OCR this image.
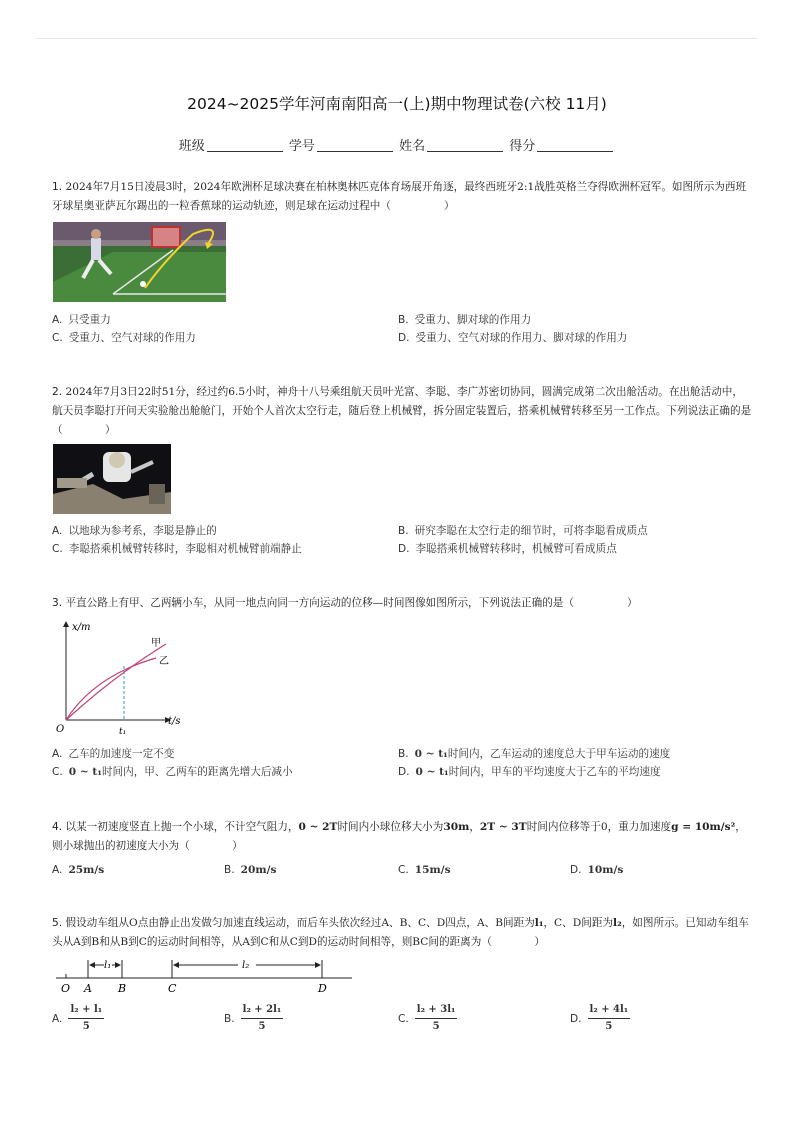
2024~2025学年河南南阳高一(上)期中物理试卷(六校 11月)
班级	学号	姓名	得分
1. 2024年7月15日凌晨3时，2024年欧洲杯足球决赛在柏林奥林匹克体育场展开角逐，最终西班牙2:1战胜英格兰夺得欧洲杯冠军。如图所示为西班牙球星奥亚萨瓦尔踢出的一粒香蕉球的运动轨迹，则足球在运动过程中（　　　　　）
A. 只受重力	B. 受重力、脚对球的作用力
C. 受重力、空气对球的作用力	D. 受重力、空气对球的作用力、脚对球的作用力
2. 2024年7月3日22时51分，经过约6.5小时，神舟十八号乘组航天员叶光富、李聪、李广苏密切协同，圆满完成第二次出舱活动。在出舱活动中，航天员李聪打开问天实验舱出舱舱门，开始个人首次太空行走，随后登上机械臂，拆分固定装置后，搭乘机械臂转移至另一工作点。下列说法正确的是（　　　　）
A. 以地球为参考系，李聪是静止的	B. 研究李聪在太空行走的细节时，可将李聪看成质点
C. 李聪搭乘机械臂转移时，李聪相对机械臂前端静止	D. 李聪搭乘机械臂转移时，机械臂可看成质点
3. 平直公路上有甲、乙两辆小车，从同一地点向同一方向运动的位移—时间图像如图所示，下列说法正确的是（　　　　　）
x/m
t/s
O	t₁
甲
乙
A. 乙车的加速度一定不变	B. 0 ~ t₁时间内，乙车运动的速度总大于甲车运动的速度
C. 0 ~ t₁时间内，甲、乙两车的距离先增大后减小	D. 0 ~ t₁时间内，甲车的平均速度大于乙车的平均速度
4. 以某一初速度竖直上抛一个小球，不计空气阻力，0 ~ 2T时间内小球位移大小为30m，2T ~ 3T时间内位移等于0，重力加速度g = 10m/s²，则小球抛出的初速度大小为（　　　　）
A. 25m/s	B. 20m/s	C. 15m/s	D. 10m/s
5. 假设动车组从O点由静止出发做匀加速直线运动，而后车头依次经过A、B、C、D四点，A、B间距为l₁，C、D间距为l₂，如图所示。已知动车组车头从A到B和从B到C的运动时间相等，从A到C和从C到D的运动时间相等，则BC间的距离为（　　　　）
l₁	l₂
O A B	C	D
A. $\frac{\text{l₂ + l₁}}{5}$	B. $\frac{\text{l₂ + 2l₁}}{5}$	C. $\frac{\text{l₂ + 3l₁}}{5}$	D. $\frac{\text{l₂ + 4l₁}}{5}$
